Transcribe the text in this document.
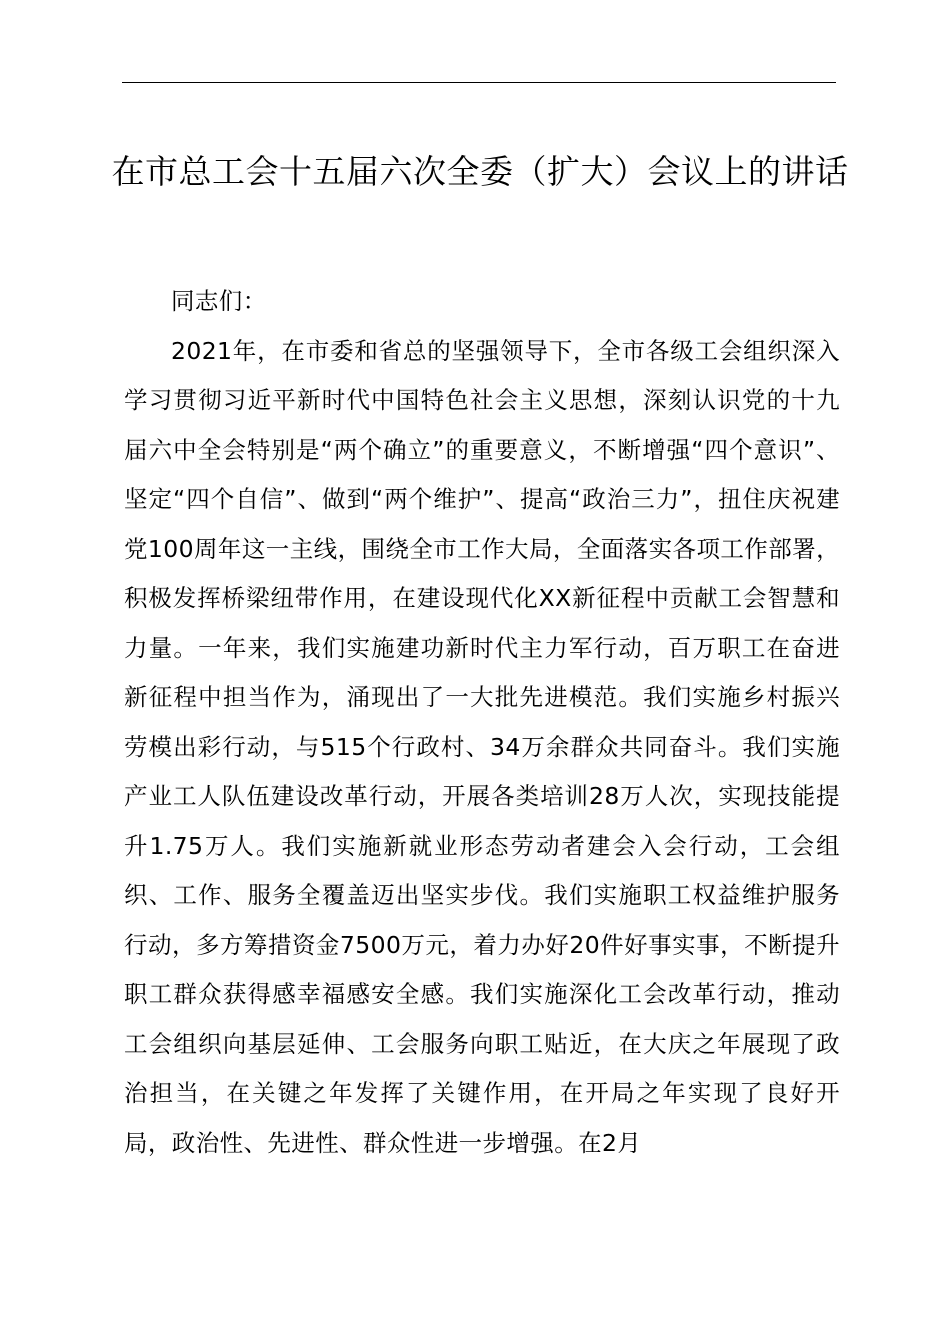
在市总工会十五届六次全委（扩大）会议上的讲话

同志们：

2021年，在市委和省总的坚强领导下，全市各级工会组织深入学习贯彻习近平新时代中国特色社会主义思想，深刻认识党的十九届六中全会特别是“两个确立”的重要意义，不断增强“四个意识”、坚定“四个自信”、做到“两个维护”、提高“政治三力”，扭住庆祝建党100周年这一主线，围绕全市工作大局，全面落实各项工作部署，积极发挥桥梁纽带作用，在建设现代化XX新征程中贡献工会智慧和力量。一年来，我们实施建功新时代主力军行动，百万职工在奋进新征程中担当作为，涌现出了一大批先进模范。我们实施乡村振兴劳模出彩行动，与515个行政村、34万余群众共同奋斗。我们实施产业工人队伍建设改革行动，开展各类培训28万人次，实现技能提升1.75万人。我们实施新就业形态劳动者建会入会行动，工会组织、工作、服务全覆盖迈出坚实步伐。我们实施职工权益维护服务行动，多方筹措资金7500万元，着力办好20件好事实事，不断提升职工群众获得感幸福感安全感。我们实施深化工会改革行动，推动工会组织向基层延伸、工会服务向职工贴近，在大庆之年展现了政治担当，在关键之年发挥了关键作用，在开局之年实现了良好开局，政治性、先进性、群众性进一步增强。在2月
